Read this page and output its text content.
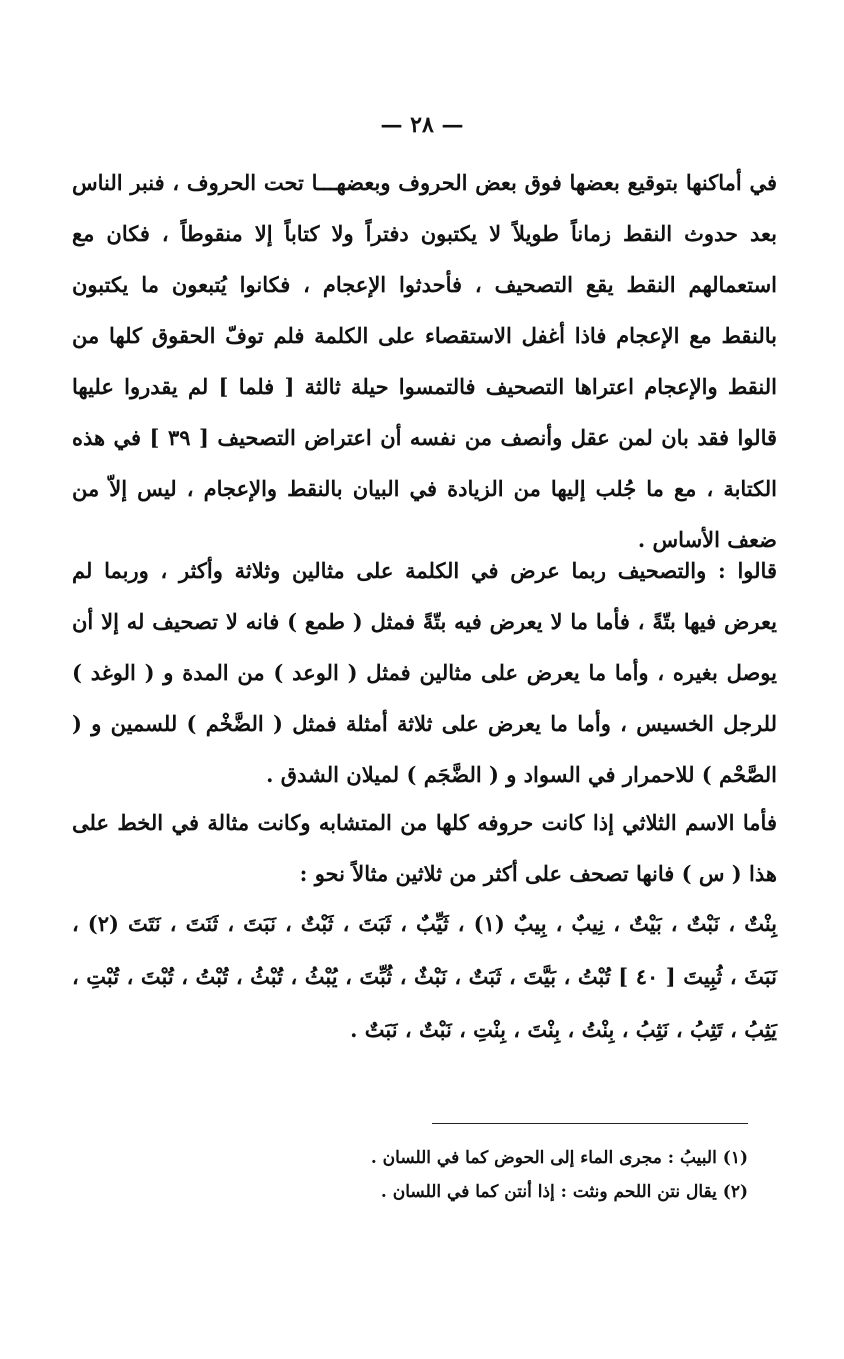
— ٢٨ —

في أماكنها بتوقيع بعضها فوق بعض الحروف وبعضهـــا تحت الحروف ، فنبر الناس بعد حدوث النقط زماناً طويلاً لا يكتبون دفتراً ولا كتاباً إلا منقوطاً ، فكان مع استعمالهم النقط يقع التصحيف ، فأحدثوا الإعجام ، فكانوا يُتبعون ما يكتبون بالنقط مع الإعجام فاذا أغفل الاستقصاء على الكلمة فلم توفّ الحقوق كلها من النقط والإعجام اعتراها التصحيف فالتمسوا حيلة ثالثة [ فلما ] لم يقدروا عليها قالوا فقد بان لمن عقل وأنصف من نفسه أن اعتراض التصحيف [ ٣٩ ] في هذه الكتابة ، مع ما جُلب إليها من الزيادة في البيان بالنقط والإعجام ، ليس إلاّ من ضعف الأساس .

قالوا : والتصحيف ربما عرض في الكلمة على مثالين وثلاثة وأكثر ، وربما لم يعرض فيها بتّةً ، فأما ما لا يعرض فيه بتّةً فمثل ( طمع ) فانه لا تصحيف له إلا أن يوصل بغيره ، وأما ما يعرض على مثالين فمثل ( الوعد ) من المدة و ( الوغد ) للرجل الخسيس ، وأما ما يعرض على ثلاثة أمثلة فمثل ( الضَّخْم ) للسمين و ( الصَّحْم ) للاحمرار في السواد و ( الضَّجَم ) لميلان الشدق .

فأما الاسم الثلاثي إذا كانت حروفه كلها من المتشابه وكانت مثالة في الخط على هذا ( س ) فانها تصحف على أكثر من ثلاثين مثالاً نحو :

بِنْتٌ ، نَبْتٌ ، بَيْتٌ ، نِيبٌ ، بِيبٌ (١) ، ثَيِّبٌ ، ثَبَتَ ، ثَبْتٌ ، نَبَتَ ، ثَنَتَ ، نَتَتَ (٢) ، نَبَثَ ، ثُبِيتَ [ ٤٠ ] تُبْتُ ، بَيَّتَ ، ثَبَتٌ ، نَبْثٌ ، ثُبِّتَ ، يُبْثُ ، تُبْثُ ، تُبْتُ ، تُبْتَ ، تُبْتِ ، يَثِبُ ، تَثِبُ ، نَثِبُ ، بِنْتُ ، بِنْتَ ، بِنْتِ ، نَبْتٌ ، نَبَتٌ .

(١) البيبُ : مجرى الماء إلى الحوض كما في اللسان .

(٢) يقال نتن اللحم ونثت : إذا أنتن كما في اللسان .
